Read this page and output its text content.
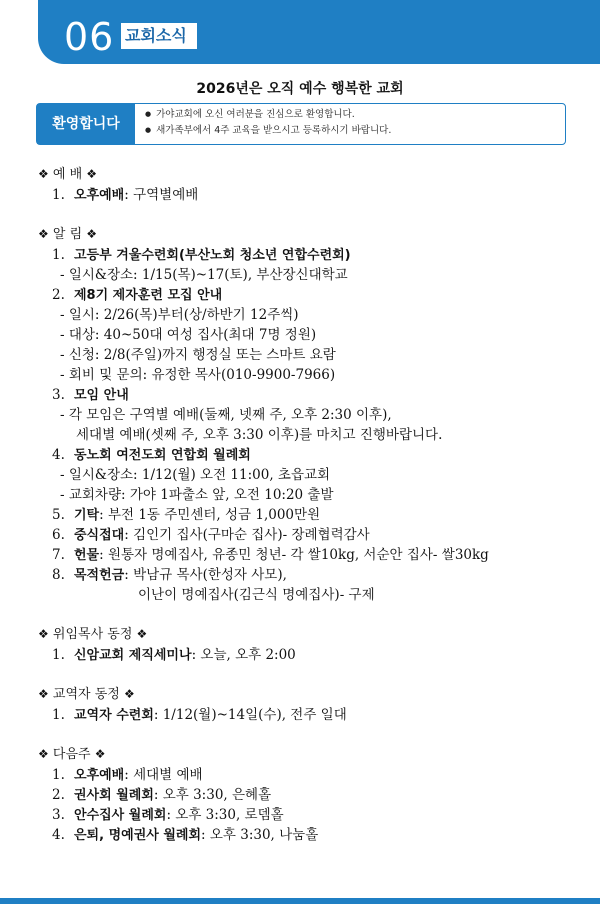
06 교회소식
2026년은 오직 예수 행복한 교회
환영합니다
● 가야교회에 오신 여러분을 진심으로 환영합니다.
● 새가족부에서 4주 교육을 받으시고 등록하시기 바랍니다.
❖ 예 배 ❖
1. 오후예배: 구역별예배
❖ 알 림 ❖
1. 고등부 겨울수련회(부산노회 청소년 연합수련회)
- 일시&장소: 1/15(목)~17(토), 부산장신대학교
2. 제8기 제자훈련 모집 안내
- 일시: 2/26(목)부터(상/하반기 12주씩)
- 대상: 40~50대 여성 집사(최대 7명 정원)
- 신청: 2/8(주일)까지 행정실 또는 스마트 요람
- 회비 및 문의: 유정한 목사(010-9900-7966)
3. 모임 안내
- 각 모임은 구역별 예배(둘째, 넷째 주, 오후 2:30 이후),
세대별 예배(셋째 주, 오후 3:30 이후)를 마치고 진행바랍니다.
4. 동노회 여전도회 연합회 월례회
- 일시&장소: 1/12(월) 오전 11:00, 초읍교회
- 교회차량: 가야 1파출소 앞, 오전 10:20 출발
5. 기탁: 부전 1동 주민센터, 성금 1,000만원
6. 중식접대: 김인기 집사(구마순 집사)- 장례협력감사
7. 헌물: 원통자 명예집사, 유종민 청년- 각 쌀10kg, 서순안 집사- 쌀30kg
8. 목적헌금: 박남규 목사(한성자 사모),
이난이 명예집사(김근식 명예집사)- 구제
❖ 위임목사 동정 ❖
1. 신암교회 제직세미나: 오늘, 오후 2:00
❖ 교역자 동정 ❖
1. 교역자 수련회: 1/12(월)~14일(수), 전주 일대
❖ 다음주 ❖
1. 오후예배: 세대별 예배
2. 권사회 월례회: 오후 3:30, 은혜홀
3. 안수집사 월례회: 오후 3:30, 로뎀홀
4. 은퇴, 명예권사 월례회: 오후 3:30, 나눔홀
